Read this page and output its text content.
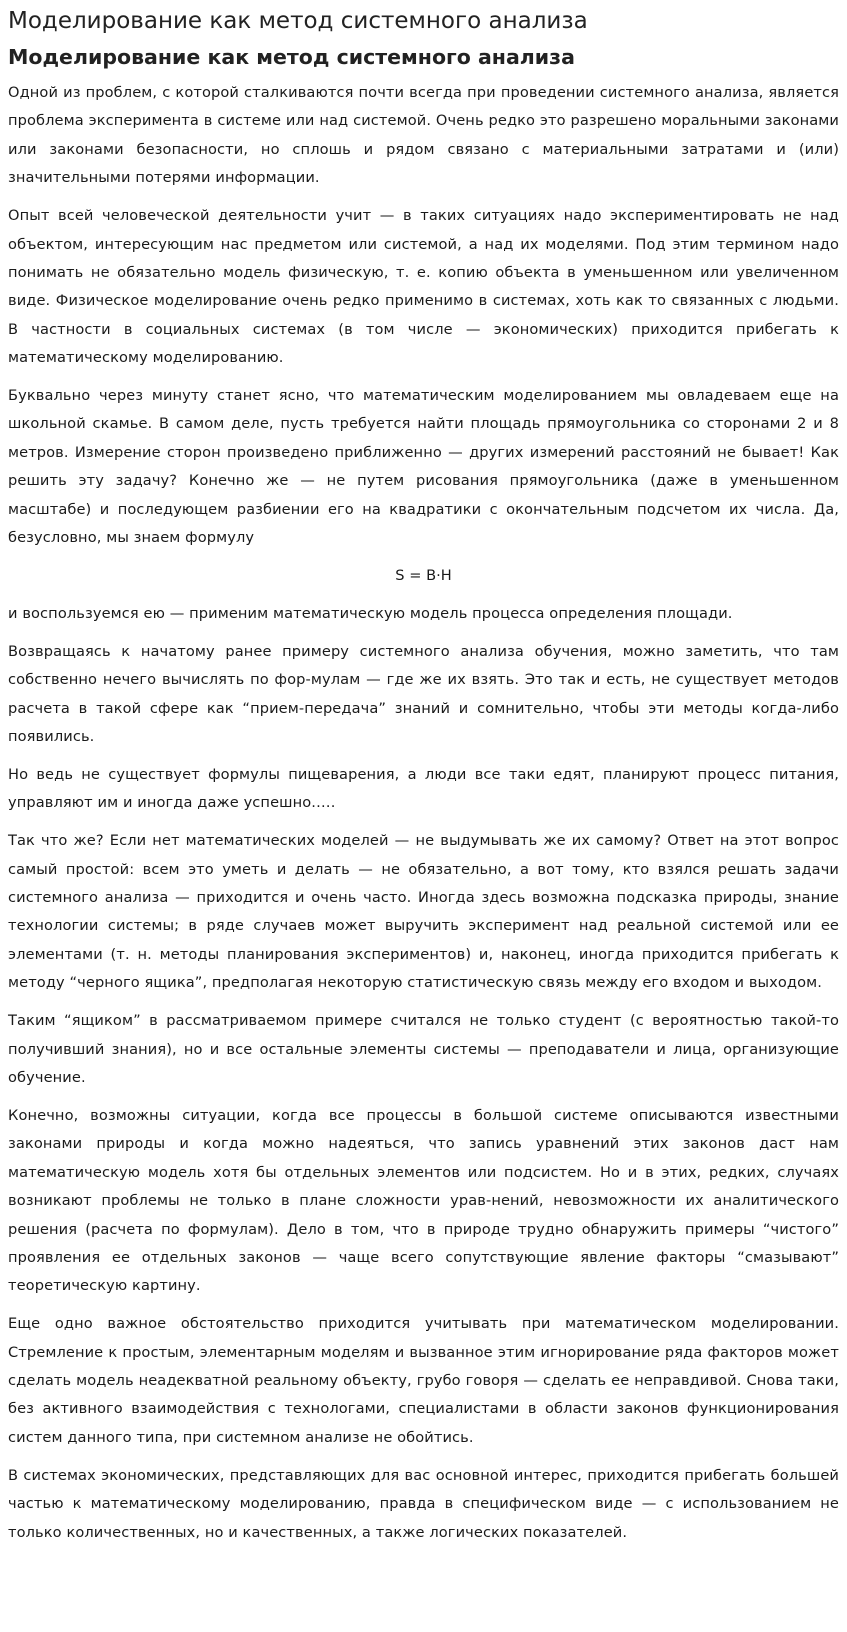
Моделирование как метод системного анализа
Моделирование как метод системного анализа

Одной из проблем, с которой сталкиваются почти всегда при проведении системного анализа, является проблема эксперимента в системе или над системой. Очень редко это разрешено моральными законами или законами безопасности, но сплошь и рядом связано с материальными затратами и (или) значительными потерями информации.

Опыт всей человеческой деятельности учит — в таких ситуациях надо экспериментировать не над объектом, интересующим нас предметом или системой, а над их моделями. Под этим термином надо понимать не обязательно модель физическую, т. е. копию объекта в уменьшенном или увеличенном виде. Физическое моделирование очень редко применимо в системах, хоть как то связанных с людьми. В частности в социальных системах (в том числе — экономических) приходится прибегать к математическому моделированию.

Буквально через минуту станет ясно, что математическим моделированием мы овладеваем еще на школьной скамье. В самом деле, пусть требуется найти площадь прямоугольника со сторонами 2 и 8 метров. Измерение сторон произведено приближенно — других измерений расстояний не бывает! Как решить эту задачу? Конечно же — не путем рисования прямоугольника (даже в уменьшенном масштабе) и последующем разбиении его на квадратики с окончательным подсчетом их числа. Да, безусловно, мы знаем формулу

S = B·H

и воспользуемся ею — применим математическую модель процесса определения площади.

Возвращаясь к начатому ранее примеру системного анализа обучения, можно заметить, что там собственно нечего вычислять по фор-мулам — где же их взять. Это так и есть, не существует методов расчета в такой сфере как “прием-передача” знаний и сомнительно, чтобы эти методы когда-либо появились.

Но ведь не существует формулы пищеварения, а люди все таки едят, планируют процесс питания, управляют им и иногда даже успешно.….

Так что же? Если нет математических моделей — не выдумывать же их самому? Ответ на этот вопрос самый простой: всем это уметь и делать — не обязательно, а вот тому, кто взялся решать задачи системного анализа — приходится и очень часто. Иногда здесь возможна подсказка природы, знание технологии системы; в ряде случаев может выручить эксперимент над реальной системой или ее элементами (т. н. методы планирования экспериментов) и, наконец, иногда приходится прибегать к методу “черного ящика”, предполагая некоторую статистическую связь между его входом и выходом.

Таким “ящиком” в рассматриваемом примере считался не только студент (с вероятностью такой-то получивший знания), но и все остальные элементы системы — преподаватели и лица, организующие обучение.

Конечно, возможны ситуации, когда все процессы в большой системе описываются известными законами природы и когда можно надеяться, что запись уравнений этих законов даст нам математическую модель хотя бы отдельных элементов или подсистем. Но и в этих, редких, случаях возникают проблемы не только в плане сложности урав-нений, невозможности их аналитического решения (расчета по формулам). Дело в том, что в природе трудно обнаружить примеры “чистого” проявления ее отдельных законов — чаще всего сопутствующие явление факторы “смазывают” теоретическую картину.

Еще одно важное обстоятельство приходится учитывать при математическом моделировании. Стремление к простым, элементарным моделям и вызванное этим игнорирование ряда факторов может сделать модель неадекватной реальному объекту, грубо говоря — сделать ее неправдивой. Снова таки, без активного взаимодействия с технологами, специалистами в области законов функционирования систем данного типа, при системном анализе не обойтись.

В системах экономических, представляющих для вас основной интерес, приходится прибегать большей частью к математическому моделированию, правда в специфическом виде — с использованием не только количественных, но и качественных, а также логических показателей.
